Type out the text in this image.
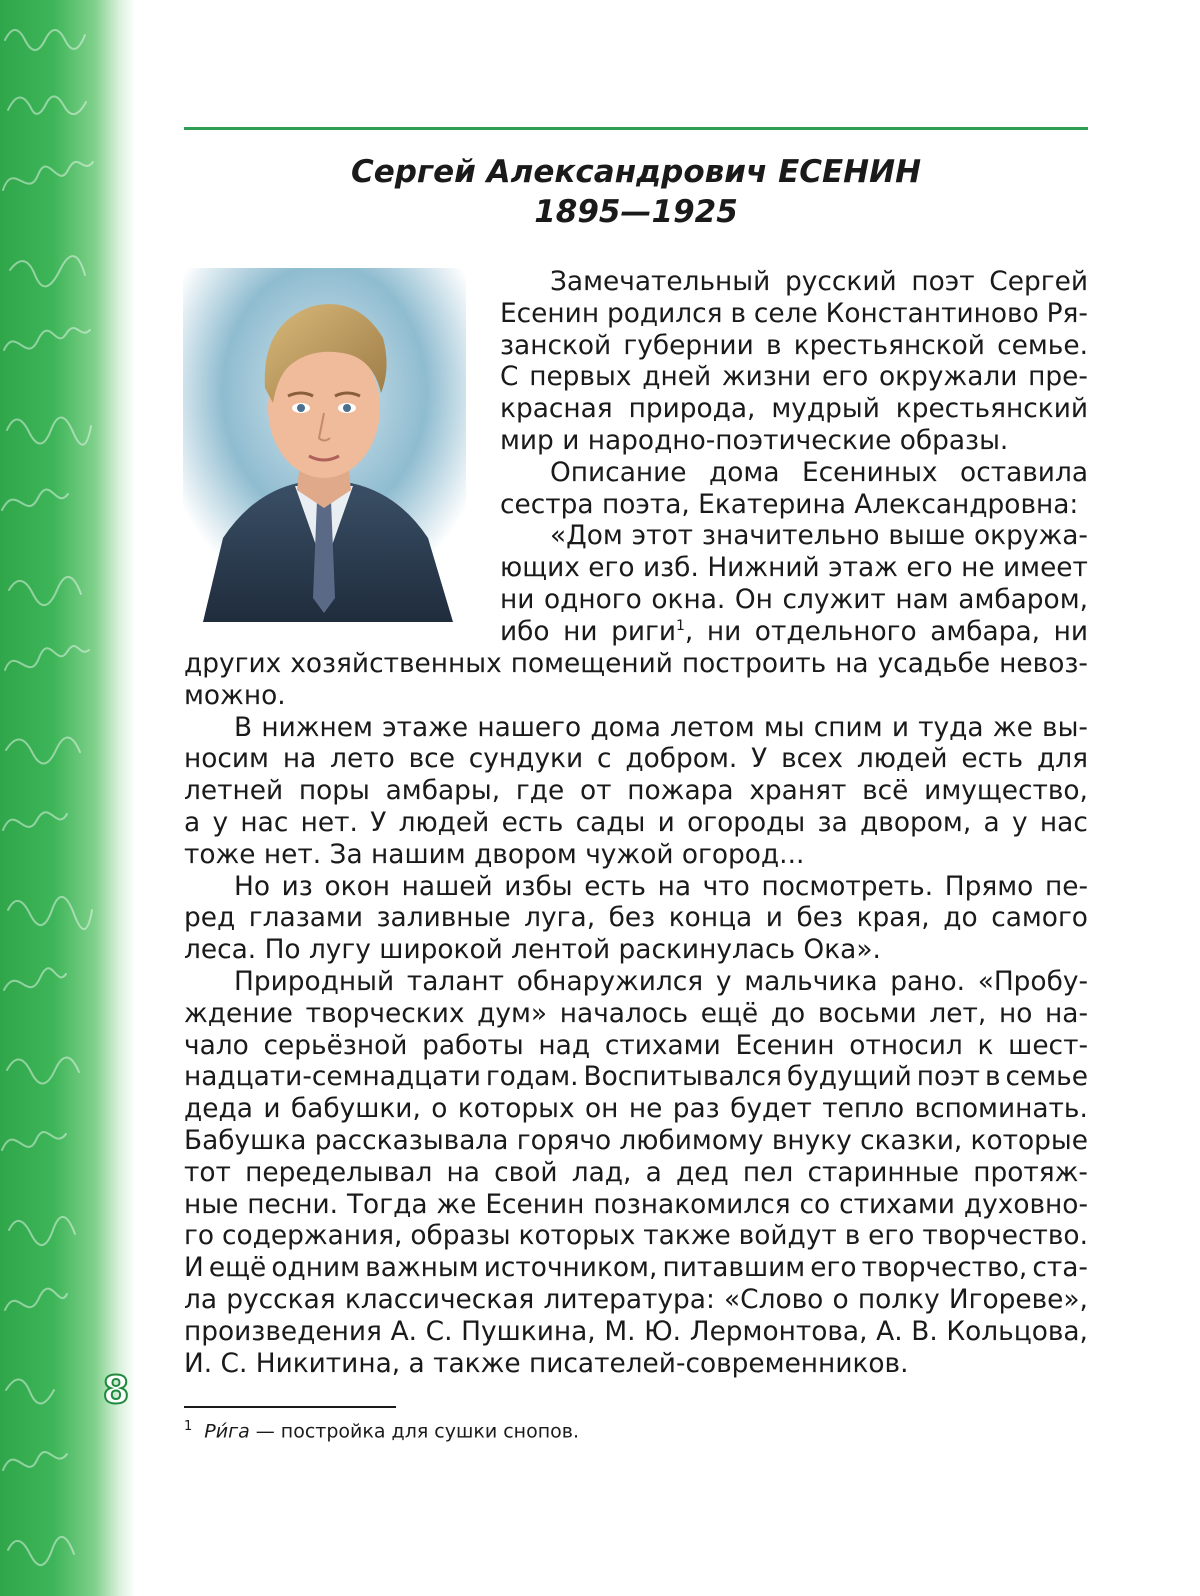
Сергей Александрович ЕСЕНИН
1895—1925
Замечательный русский поэт Сергей
Есенин родился в селе Константиново Ря-
занской губернии в крестьянской семье.
С первых дней жизни его окружали пре-
красная природа, мудрый крестьянский
мир и народно-поэтические образы.
Описание дома Есениных оставила
сестра поэта, Екатерина Александровна:
«Дом этот значительно выше окружа-
ющих его изб. Нижний этаж его не имеет
ни одного окна. Он служит нам амбаром,
ибо ни риги$^1$, ни отдельного амбара, ни
других хозяйственных помещений построить на усадьбе невоз-
можно.
В нижнем этаже нашего дома летом мы спим и туда же вы-
носим на лето все сундуки с добром. У всех людей есть для
летней поры амбары, где от пожара хранят всё имущество,
а у нас нет. У людей есть сады и огороды за двором, а у нас
тоже нет. За нашим двором чужой огород...
Но из окон нашей избы есть на что посмотреть. Прямо пе-
ред глазами заливные луга, без конца и без края, до самого
леса. По лугу широкой лентой раскинулась Ока».
Природный талант обнаружился у мальчика рано. «Пробу-
ждение творческих дум» началось ещё до восьми лет, но на-
чало серьёзной работы над стихами Есенин относил к шест-
надцати-семнадцати годам. Воспитывался будущий поэт в семье
деда и бабушки, о которых он не раз будет тепло вспоминать.
Бабушка рассказывала горячо любимому внуку сказки, которые
тот переделывал на свой лад, а дед пел старинные протяж-
ные песни. Тогда же Есенин познакомился со стихами духовно-
го содержания, образы которых также войдут в его творчество.
И ещё одним важным источником, питавшим его творчество, ста-
ла русская классическая литература: «Слово о полку Игореве»,
произведения А. С. Пушкина, М. Ю. Лермонтова, А. В. Кольцова,
И. С. Никитина, а также писателей-современников.
8
$^1$ Ри́га — постройка для сушки снопов.
